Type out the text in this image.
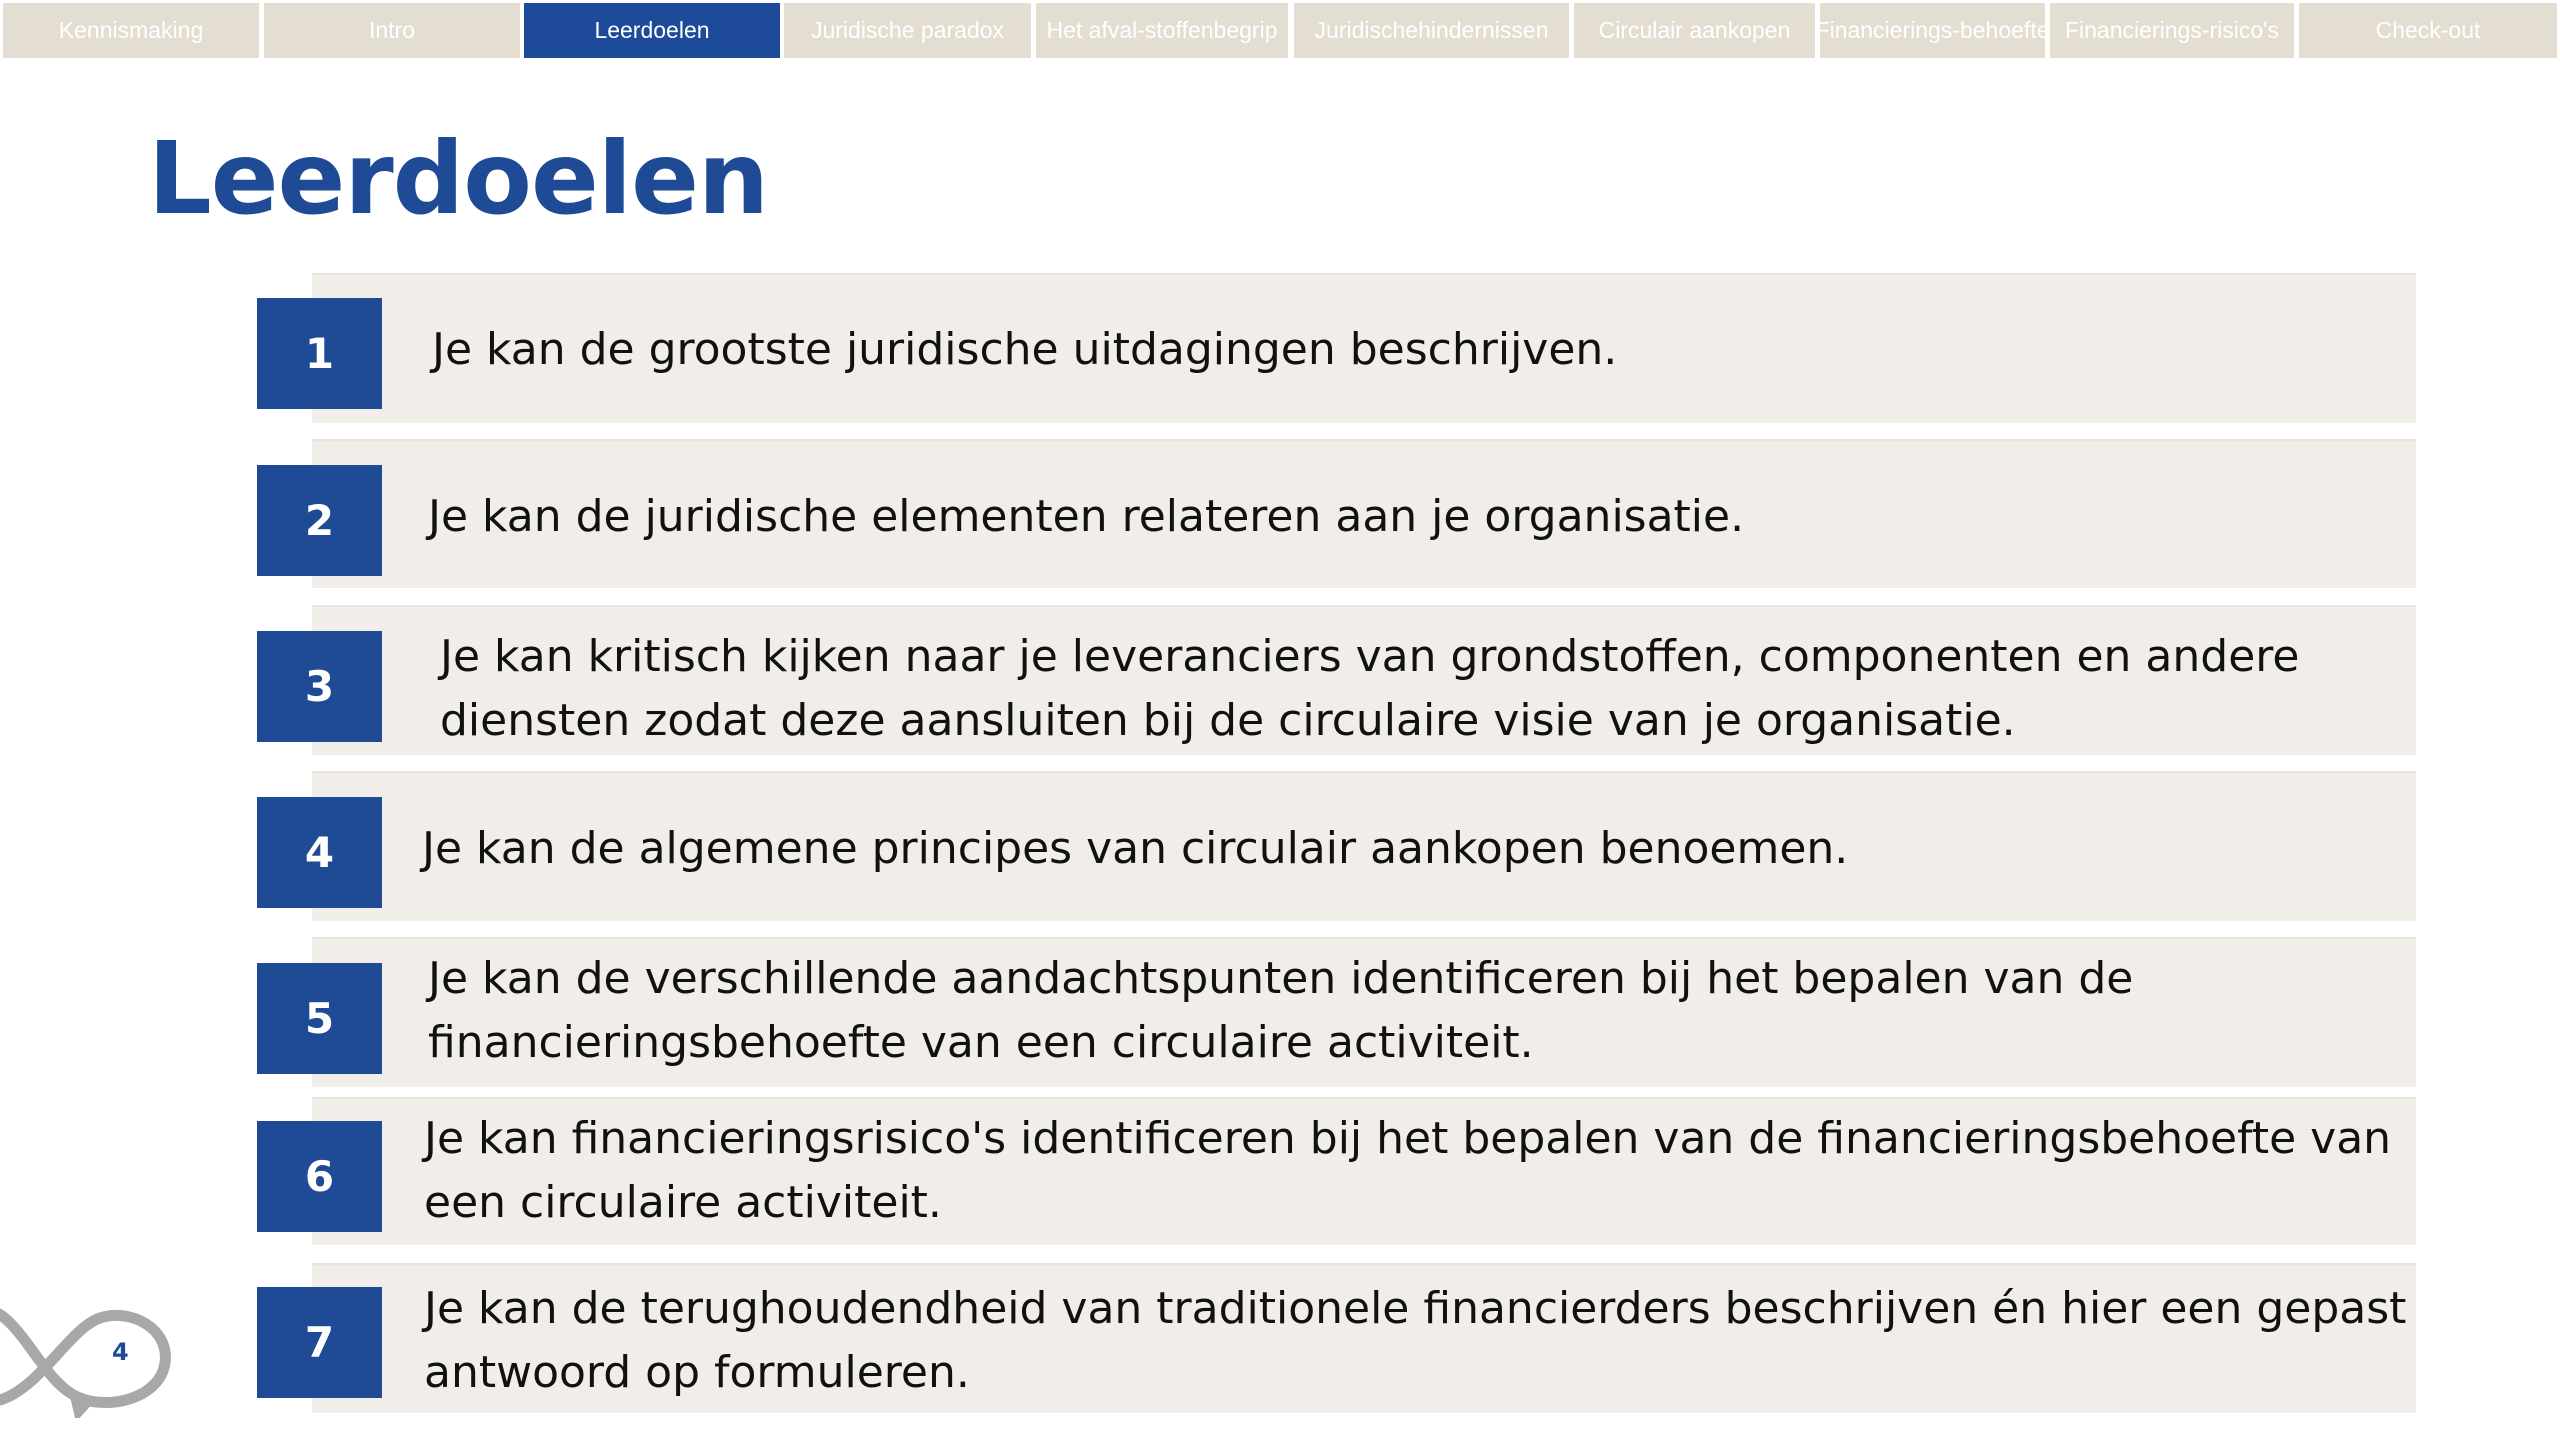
Kennismaking	Intro	Leerdoelen	Juridische paradox Het afval- stoffenbegrip Juridische hindernissen Circulair aankopen Financierings- behoefte Financierings- risico's	Check-out
Leerdoelen
1	Je kan de grootste juridische uitdagingen beschrijven.
2	Je kan de juridische elementen relateren aan je organisatie.
3
Je kan kritisch kijken naar je leveranciers van grondstoffen, componenten en andere
diensten zodat deze aansluiten bij de circulaire visie van je organisatie.
4	Je kan de algemene principes van circulair aankopen benoemen.
5
Je kan de verschillende aandachtspunten identificeren bij het bepalen van de
financieringsbehoefte van een circulaire activiteit.
6
Je kan financieringsrisico's identificeren bij het bepalen van de financieringsbehoefte van
een circulaire activiteit.
7
Je kan de terughoudendheid van traditionele financierders beschrijven én hier een gepast
antwoord op formuleren.
4
